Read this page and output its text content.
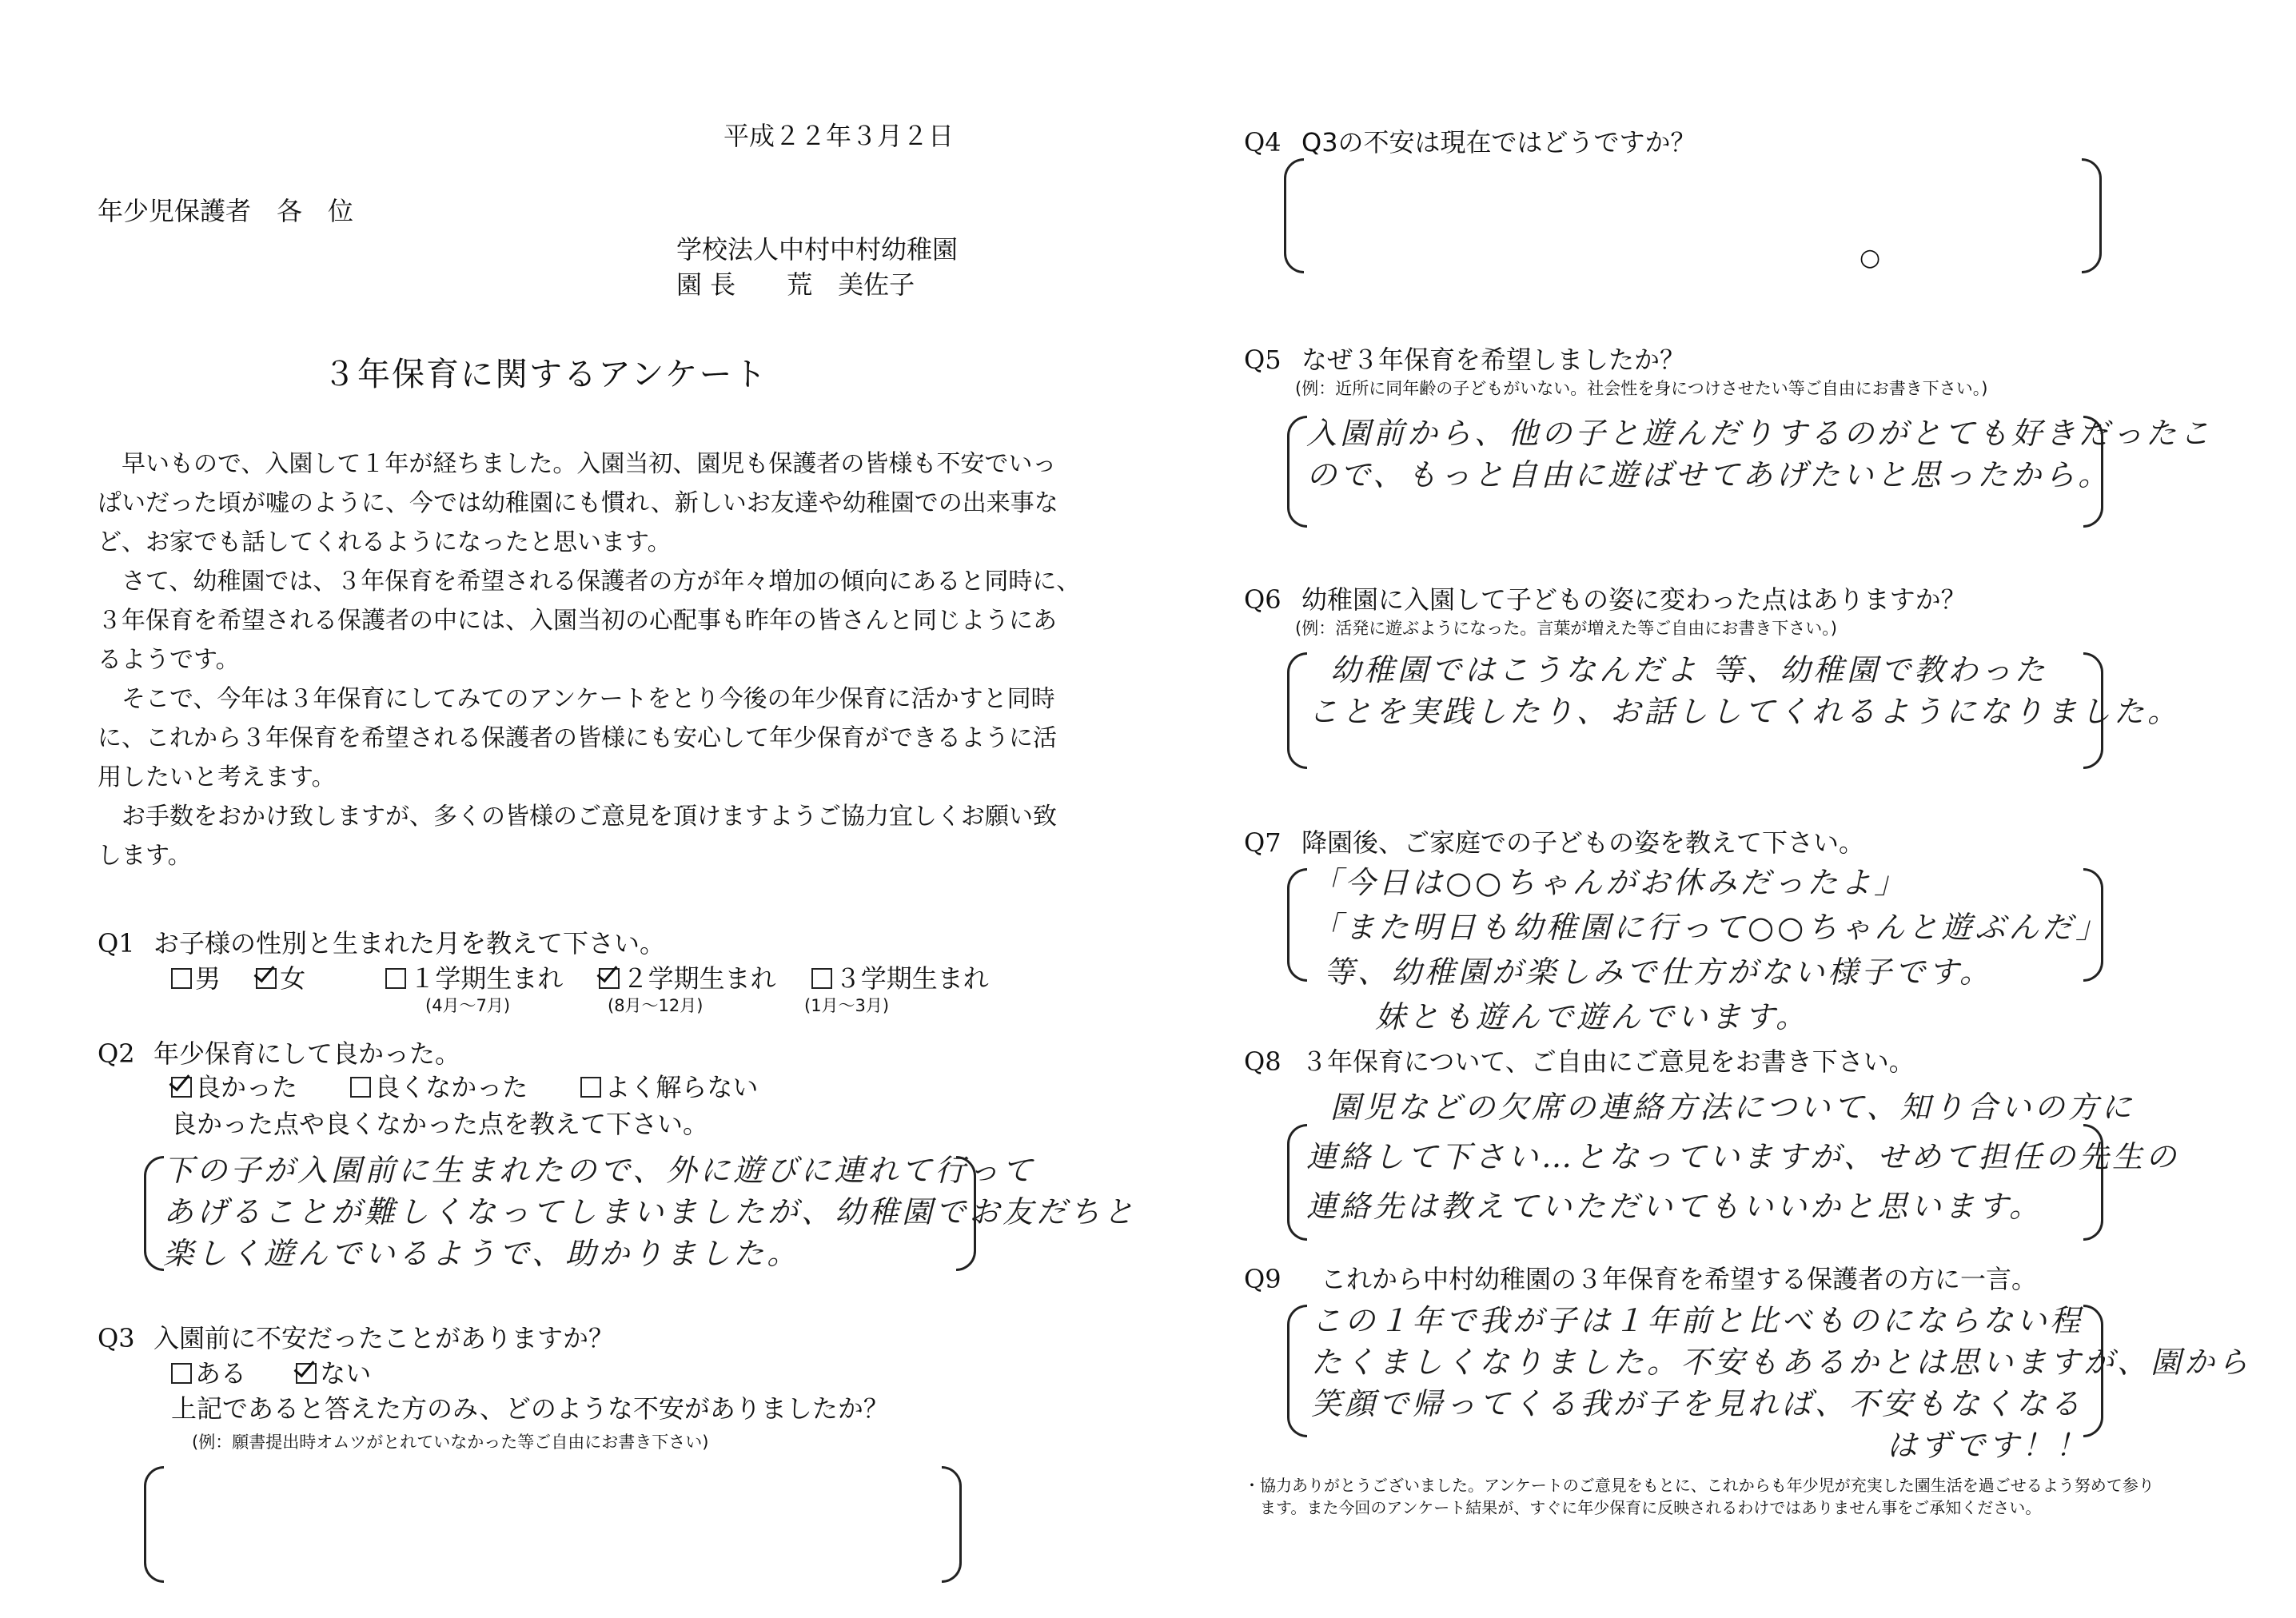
平成２２年３月２日
年少児保護者　各　位
学校法人中村中村幼稚園
園 長　　荒　美佐子
３年保育に関するアンケート
　早いもので、入園して１年が経ちました。入園当初、園児も保護者の皆様も不安でいっ
ぱいだった頃が嘘のように、今では幼稚園にも慣れ、新しいお友達や幼稚園での出来事な
ど、お家でも話してくれるようになったと思います。
　さて、幼稚園では、３年保育を希望される保護者の方が年々増加の傾向にあると同時に、
３年保育を希望される保護者の中には、入園当初の心配事も昨年の皆さんと同じようにあ
るようです。
　そこで、今年は３年保育にしてみてのアンケートをとり今後の年少保育に活かすと同時
に、これから３年保育を希望される保護者の皆様にも安心して年少保育ができるように活
用したいと考えます。
　お手数をおかけ致しますが、多くの皆様のご意見を頂けますようご協力宜しくお願い致
します。
Q1 お子様の性別と生まれた月を教えて下さい。
男
女
	１学期生まれ
２学期生まれ
３学期生まれ
(4月〜7月)	(8月〜12月)	(1月〜3月)
Q2 年少保育にして良かった。
良かった
	良くなかった
	よく解らない
良かった点や良くなかった点を教えて下さい。
下の子が入園前に生まれたので、外に遊びに連れて行って
あげることが難しくなってしまいましたが、幼稚園でお友だちと
楽しく遊んでいるようで、助かりました。
Q3 入園前に不安だったことがありますか？
ある
	ない
上記であると答えた方のみ、どのような不安がありましたか？
(例：願書提出時オムツがとれていなかった等ご自由にお書き下さい)
Q4 Q3の不安は現在ではどうですか？
○
Q5 なぜ３年保育を希望しましたか？
(例：近所に同年齢の子どもがいない。社会性を身につけさせたい等ご自由にお書き下さい。)
入園前から、他の子と遊んだりするのがとても好きだったこ
ので、もっと自由に遊ばせてあげたいと思ったから。
Q6 幼稚園に入園して子どもの姿に変わった点はありますか？
(例：活発に遊ぶようになった。言葉が増えた等ご自由にお書き下さい。)
幼稚園ではこうなんだよ 等、幼稚園で教わった
ことを実践したり、お話ししてくれるようになりました。
Q7 降園後、ご家庭での子どもの姿を教えて下さい。
「今日は○○ちゃんがお休みだったよ」
「また明日も幼稚園に行って○○ちゃんと遊ぶんだ」
等、幼稚園が楽しみで仕方がない様子です。
妹とも遊んで遊んでいます。
Q8 ３年保育について、ご自由にご意見をお書き下さい。
園児などの欠席の連絡方法について、知り合いの方に
連絡して下さい…となっていますが、せめて担任の先生の
連絡先は教えていただいてもいいかと思います。
Q9 これから中村幼稚園の３年保育を希望する保護者の方に一言。
この１年で我が子は１年前と比べものにならない程
たくましくなりました。不安もあるかとは思いますが、園から
笑顔で帰ってくる我が子を見れば、不安もなくなる
はずです！！
・協力ありがとうございました。アンケートのご意見をもとに、これからも年少児が充実した園生活を過ごせるよう努めて参り
　ます。また今回のアンケート結果が、すぐに年少保育に反映されるわけではありません事をご承知ください。
